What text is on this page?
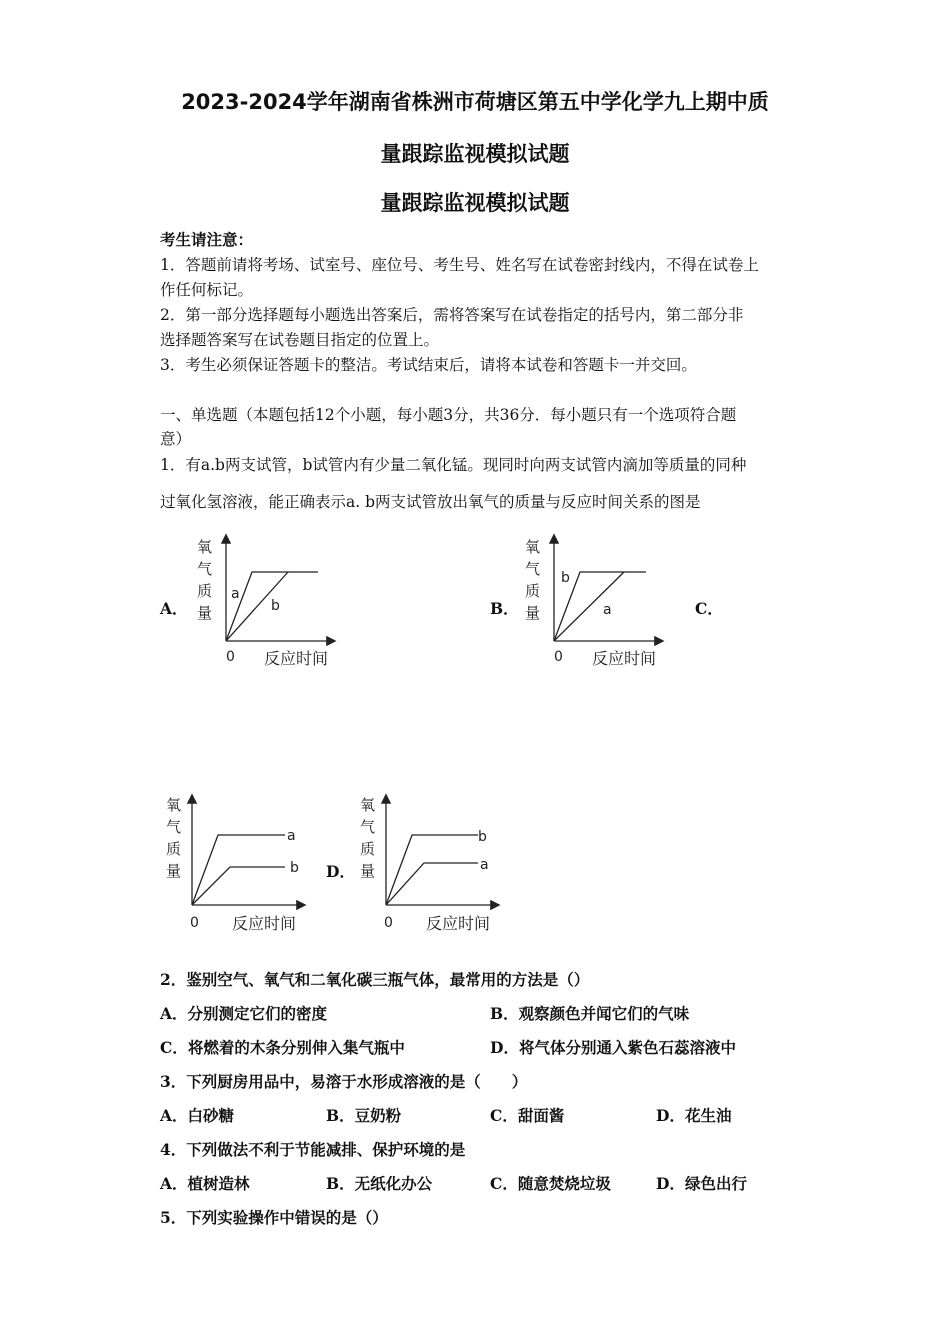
2023-2024学年湖南省株洲市荷塘区第五中学化学九上期中质
量跟踪监视模拟试题
量跟踪监视模拟试题
考生请注意：
1．答题前请将考场、试室号、座位号、考生号、姓名写在试卷密封线内，不得在试卷上
作任何标记。
2．第一部分选择题每小题选出答案后，需将答案写在试卷指定的括号内，第二部分非
选择题答案写在试卷题目指定的位置上。
3．考生必须保证答题卡的整洁。考试结束后，请将本试卷和答题卡一并交回。
一、单选题（本题包括12个小题，每小题3分，共36分．每小题只有一个选项符合题
意）
1．有a.b两支试管，b试管内有少量二氧化锰。现同时向两支试管内滴加等质量的同种
过氧化氢溶液，能正确表示a. b两支试管放出氧气的质量与反应时间关系的图是
A．	B．	C．
D．
氧
气
质
量
a
b
0 反应时间
氧
气
质
量
b
a
0 反应时间
氧
气
质
量
a
b
0 反应时间
氧
气
质
量
b
a
0 反应时间
2．鉴别空气、氧气和二氧化碳三瓶气体，最常用的方法是（）
A．分别测定它们的密度	B．观察颜色并闻它们的气味
C．将燃着的木条分别伸入集气瓶中	D．将气体分别通入紫色石蕊溶液中
3．下列厨房用品中，易溶于水形成溶液的是（　　）
A．白砂糖	B．豆奶粉	C．甜面酱	D．花生油
4．下列做法不利于节能减排、保护环境的是
A．植树造林	B．无纸化办公	C．随意焚烧垃圾	D．绿色出行
5．下列实验操作中错误的是（）
